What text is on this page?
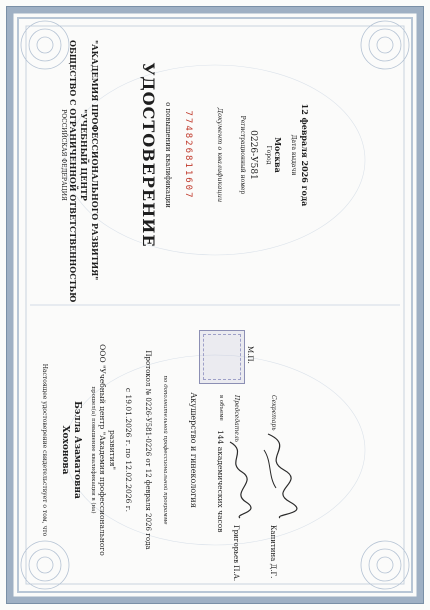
РОССИЙСКАЯ ФЕДЕРАЦИЯ ОБЩЕСТВО С ОГРАНИЧЕННОЙ ОТВЕТСТВЕННОСТЬЮ "УЧЕБНЫЙ ЦЕНТР "АКАДЕМИЯ ПРОФЕССИОНАЛЬНОГО РАЗВИТИЯ" УДОСТОВЕРЕНИЕ о повышении квалификации 774826811607	Документ о квалификации	Регистрационный номер 0226-У581 Город Москва Дата выдачи 12 февраля 2026 года
Настоящее удостоверение свидетельствует о том, что Хохонова Бэлла Азаматовна прошел(а) повышение квалификации в (на) ООО "Учебный центр "Академия профессионального развития" с 19.01.2026 г. по 12.02.2026 г. Протокол № 0226-У581-0226 от 12 февраля 2026 года по дополнительной профессиональной программе	Акушерство и гинекология	в объеме
144 академических часов
Председатель	Секретарь
М.П.
Григорьев П.А.	Капитина Д.Г.
